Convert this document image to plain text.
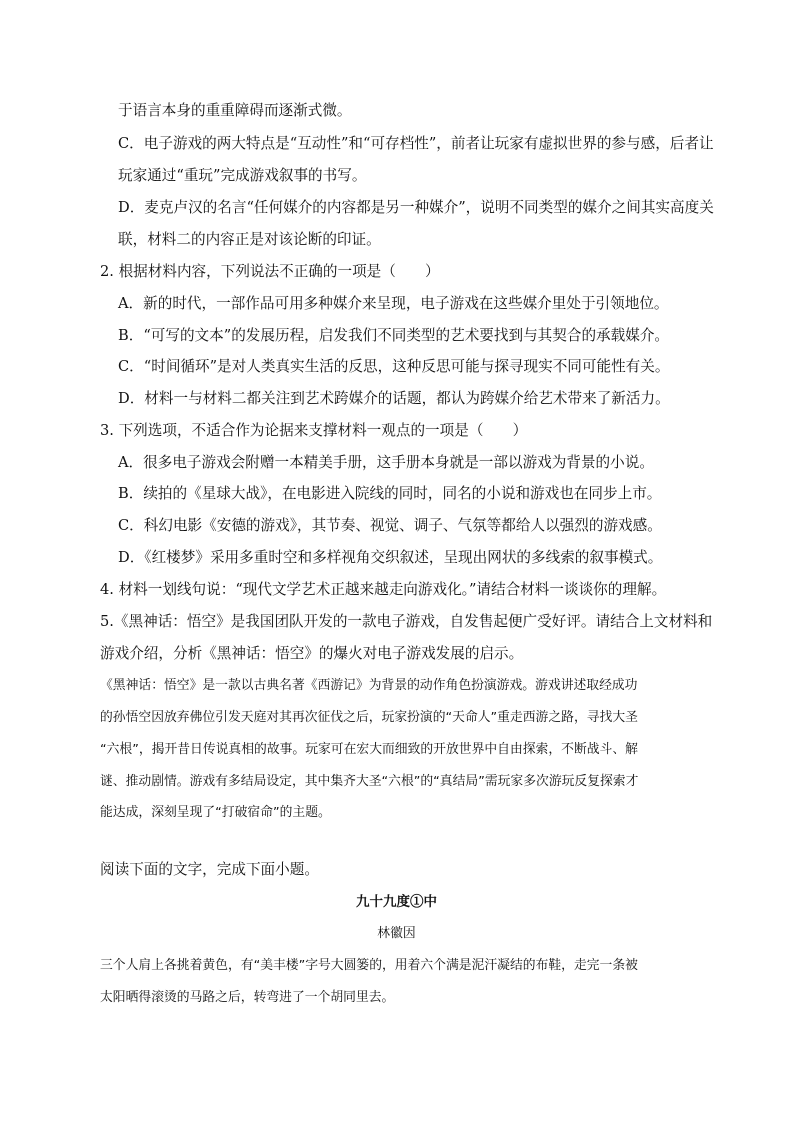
于语言本身的重重障碍而逐渐式微。
C．电子游戏的两大特点是“互动性”和“可存档性”，前者让玩家有虚拟世界的参与感，后者让
玩家通过“重玩”完成游戏叙事的书写。
D．麦克卢汉的名言“任何媒介的内容都是另一种媒介”，说明不同类型的媒介之间其实高度关
联，材料二的内容正是对该论断的印证。
2. 根据材料内容，下列说法不正确的一项是（　　）
A．新的时代，一部作品可用多种媒介来呈现，电子游戏在这些媒介里处于引领地位。
B．“可写的文本”的发展历程，启发我们不同类型的艺术要找到与其契合的承载媒介。
C．“时间循环”是对人类真实生活的反思，这种反思可能与探寻现实不同可能性有关。
D．材料一与材料二都关注到艺术跨媒介的话题，都认为跨媒介给艺术带来了新活力。
3. 下列选项，不适合作为论据来支撑材料一观点的一项是（　　）
A．很多电子游戏会附赠一本精美手册，这手册本身就是一部以游戏为背景的小说。
B．续拍的《星球大战》，在电影进入院线的同时，同名的小说和游戏也在同步上市。
C．科幻电影《安德的游戏》，其节奏、视觉、调子、气氛等都给人以强烈的游戏感。
D．《红楼梦》采用多重时空和多样视角交织叙述，呈现出网状的多线索的叙事模式。
4. 材料一划线句说：“现代文学艺术正越来越走向游戏化。”请结合材料一谈谈你的理解。
5.《黑神话：悟空》是我国团队开发的一款电子游戏，自发售起便广受好评。请结合上文材料和
游戏介绍，分析《黑神话：悟空》的爆火对电子游戏发展的启示。
《黑神话：悟空》是一款以古典名著《西游记》为背景的动作角色扮演游戏。游戏讲述取经成功
的孙悟空因放弃佛位引发天庭对其再次征伐之后，玩家扮演的“天命人”重走西游之路，寻找大圣
“六根”，揭开昔日传说真相的故事。玩家可在宏大而细致的开放世界中自由探索，不断战斗、解
谜、推动剧情。游戏有多结局设定，其中集齐大圣“六根”的“真结局”需玩家多次游玩反复探索才
能达成，深刻呈现了“打破宿命”的主题。
阅读下面的文字，完成下面小题。
九十九度①中
林徽因
三个人肩上各挑着黄色，有“美丰楼”字号大圆篓的，用着六个满是泥汗凝结的布鞋，走完一条被
太阳晒得滚烫的马路之后，转弯进了一个胡同里去。
